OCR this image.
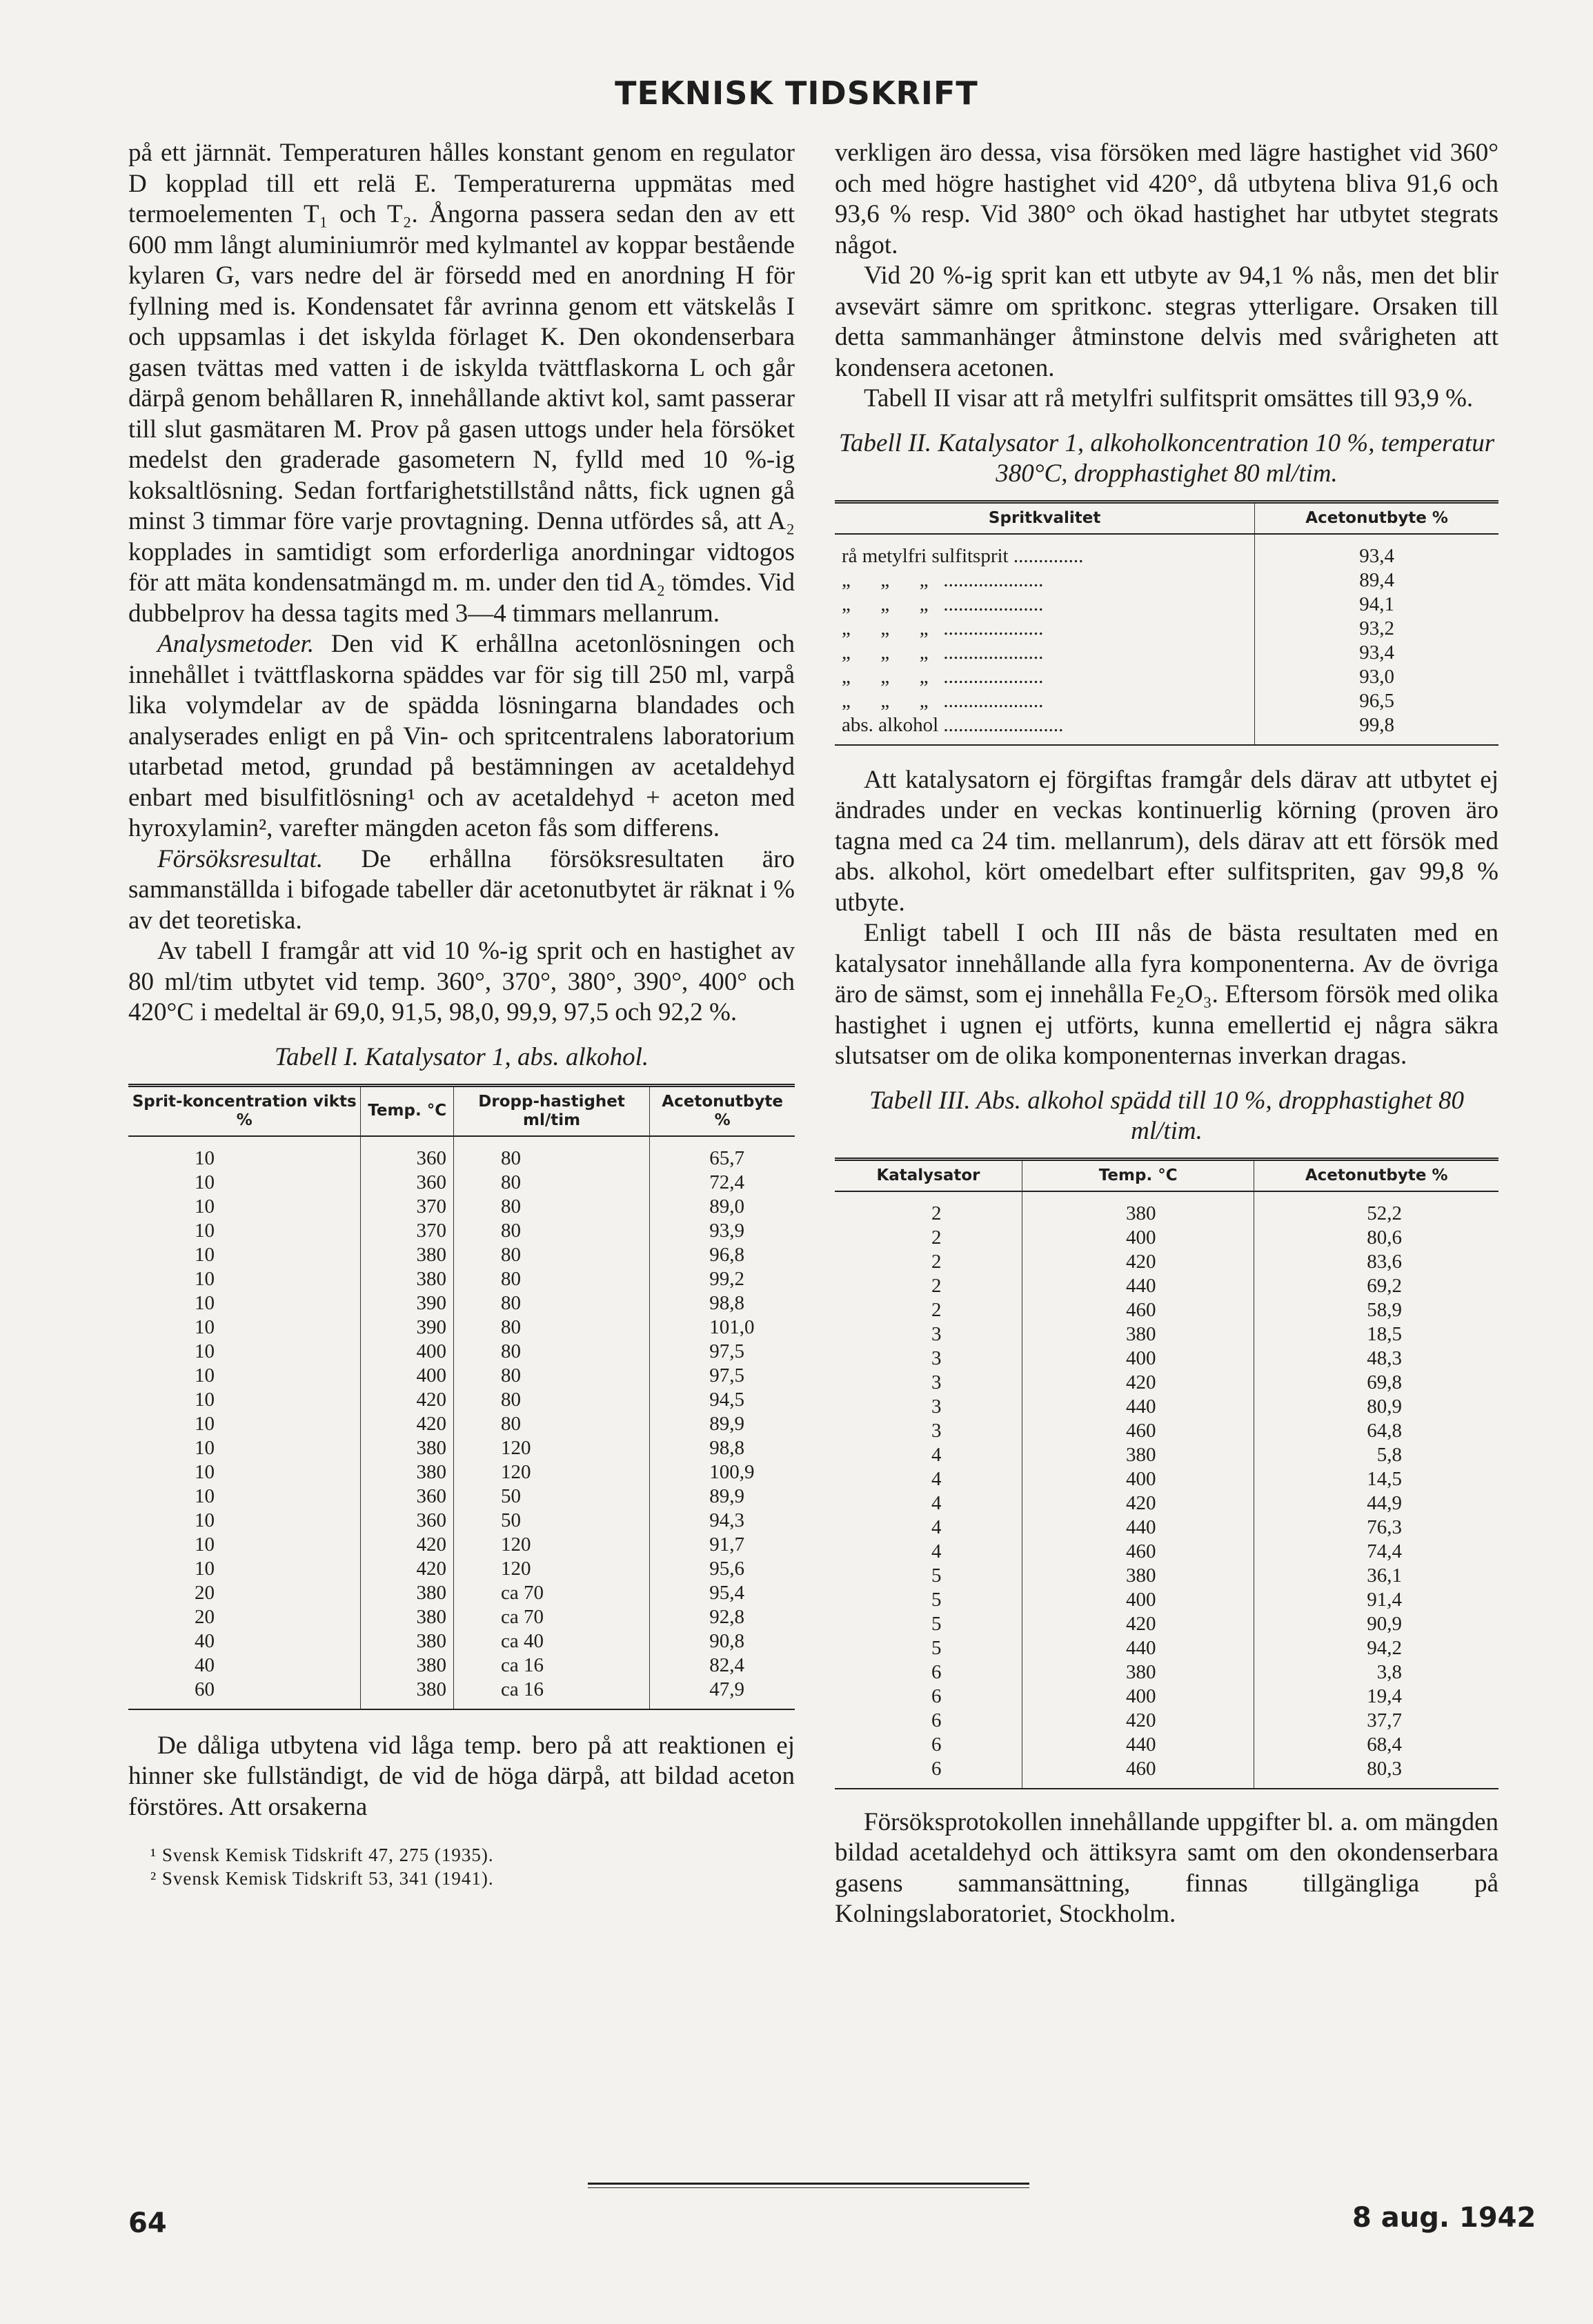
TEKNISK TIDSKRIFT

på ett järnnät. Temperaturen hålles konstant genom en regulator D kopplad till ett relä E. Temperaturerna uppmätas med termoelementen T₁ och T₂. Ångorna passera sedan den av ett 600 mm långt aluminiumrör med kylmantel av koppar bestående kylaren G, vars nedre del är försedd med en anordning H för fyllning med is. Kondensatet får avrinna genom ett vätskelås I och uppsamlas i det iskylda förlaget K. Den okondenserbara gasen tvättas med vatten i de iskylda tvättflaskorna L och går därpå genom behållaren R, innehållande aktivt kol, samt passerar till slut gasmätaren M. Prov på gasen uttogs under hela försöket medelst den graderade gasometern N, fylld med 10 %-ig koksaltlösning. Sedan fortfarighetstillstånd nåtts, fick ugnen gå minst 3 timmar före varje provtagning. Denna utfördes så, att A₂ kopplades in samtidigt som erforderliga anordningar vidtogos för att mäta kondensatmängd m. m. under den tid A₂ tömdes. Vid dubbelprov ha dessa tagits med 3—4 timmars mellanrum.

Analysmetoder. Den vid K erhållna acetonlösningen och innehållet i tvättflaskorna späddes var för sig till 250 ml, varpå lika volymdelar av de spädda lösningarna blandades och analyserades enligt en på Vin- och spritcentralens laboratorium utarbetad metod, grundad på bestämningen av acetaldehyd enbart med bisulfitlösning¹ och av acetaldehyd + aceton med hyroxylamin², varefter mängden aceton fås som differens.

Försöksresultat. De erhållna försöksresultaten äro sammanställda i bifogade tabeller där acetonutbytet är räknat i % av det teoretiska.

Av tabell I framgår att vid 10 %-ig sprit och en hastighet av 80 ml/tim utbytet vid temp. 360°, 370°, 380°, 390°, 400° och 420°C i medeltal är 69,0, 91,5, 98,0, 99,9, 97,5 och 92,2 %.

Tabell I. Katalysator 1, abs. alkohol.
Sprit-koncentration vikts %	Temp. °C	Dropp-hastighet ml/tim	Acetonutbyte %
10	360	80	65,7
10	360	80	72,4
10	370	80	89,0
10	370	80	93,9
10	380	80	96,8
10	380	80	99,2
10	390	80	98,8
10	390	80	101,0
10	400	80	97,5
10	400	80	97,5
10	420	80	94,5
10	420	80	89,9
10	380	120	98,8
10	380	120	100,9
10	360	50	89,9
10	360	50	94,3
10	420	120	91,7
10	420	120	95,6
20	380	ca 70	95,4
20	380	ca 70	92,8
40	380	ca 40	90,8
40	380	ca 16	82,4
60	380	ca 16	47,9

De dåliga utbytena vid låga temp. bero på att reaktionen ej hinner ske fullständigt, de vid de höga därpå, att bildad aceton förstöres. Att orsakerna

¹ Svensk Kemisk Tidskrift 47, 275 (1935).
² Svensk Kemisk Tidskrift 53, 341 (1941).

verkligen äro dessa, visa försöken med lägre hastighet vid 360° och med högre hastighet vid 420°, då utbytena bliva 91,6 och 93,6 % resp. Vid 380° och ökad hastighet har utbytet stegrats något.

Vid 20 %-ig sprit kan ett utbyte av 94,1 % nås, men det blir avsevärt sämre om spritkonc. stegras ytterligare. Orsaken till detta sammanhänger åtminstone delvis med svårigheten att kondensera acetonen.

Tabell II visar att rå metylfri sulfitsprit omsättes till 93,9 %.

Tabell II. Katalysator 1, alkoholkoncentration 10 %, temperatur 380°C, dropphastighet 80 ml/tim.
Spritkvalitet	Acetonutbyte %
rå metylfri sulfitsprit ..............	93,4
„      „      „   ....................	89,4
„      „      „   ....................	94,1
„      „      „   ....................	93,2
„      „      „   ....................	93,4
„      „      „   ....................	93,0
„      „      „   ....................	96,5
abs. alkohol ........................	99,8

Att katalysatorn ej förgiftas framgår dels därav att utbytet ej ändrades under en veckas kontinuerlig körning (proven äro tagna med ca 24 tim. mellanrum), dels därav att ett försök med abs. alkohol, kört omedelbart efter sulfitspriten, gav 99,8 % utbyte.

Enligt tabell I och III nås de bästa resultaten med en katalysator innehållande alla fyra komponenterna. Av de övriga äro de sämst, som ej innehålla Fe₂O₃. Eftersom försök med olika hastighet i ugnen ej utförts, kunna emellertid ej några säkra slutsatser om de olika komponenternas inverkan dragas.

Tabell III. Abs. alkohol spädd till 10 %, dropphastighet 80 ml/tim.
Katalysator	Temp. °C	Acetonutbyte %
2	380	52,2
2	400	80,6
2	420	83,6
2	440	69,2
2	460	58,9
3	380	18,5
3	400	48,3
3	420	69,8
3	440	80,9
3	460	64,8
4	380	5,8
4	400	14,5
4	420	44,9
4	440	76,3
4	460	74,4
5	380	36,1
5	400	91,4
5	420	90,9
5	440	94,2
6	380	3,8
6	400	19,4
6	420	37,7
6	440	68,4
6	460	80,3

Försöksprotokollen innehållande uppgifter bl. a. om mängden bildad acetaldehyd och ättiksyra samt om den okondenserbara gasens sammansättning, finnas tillgängliga på Kolningslaboratoriet, Stockholm.

64	8 aug. 1942
